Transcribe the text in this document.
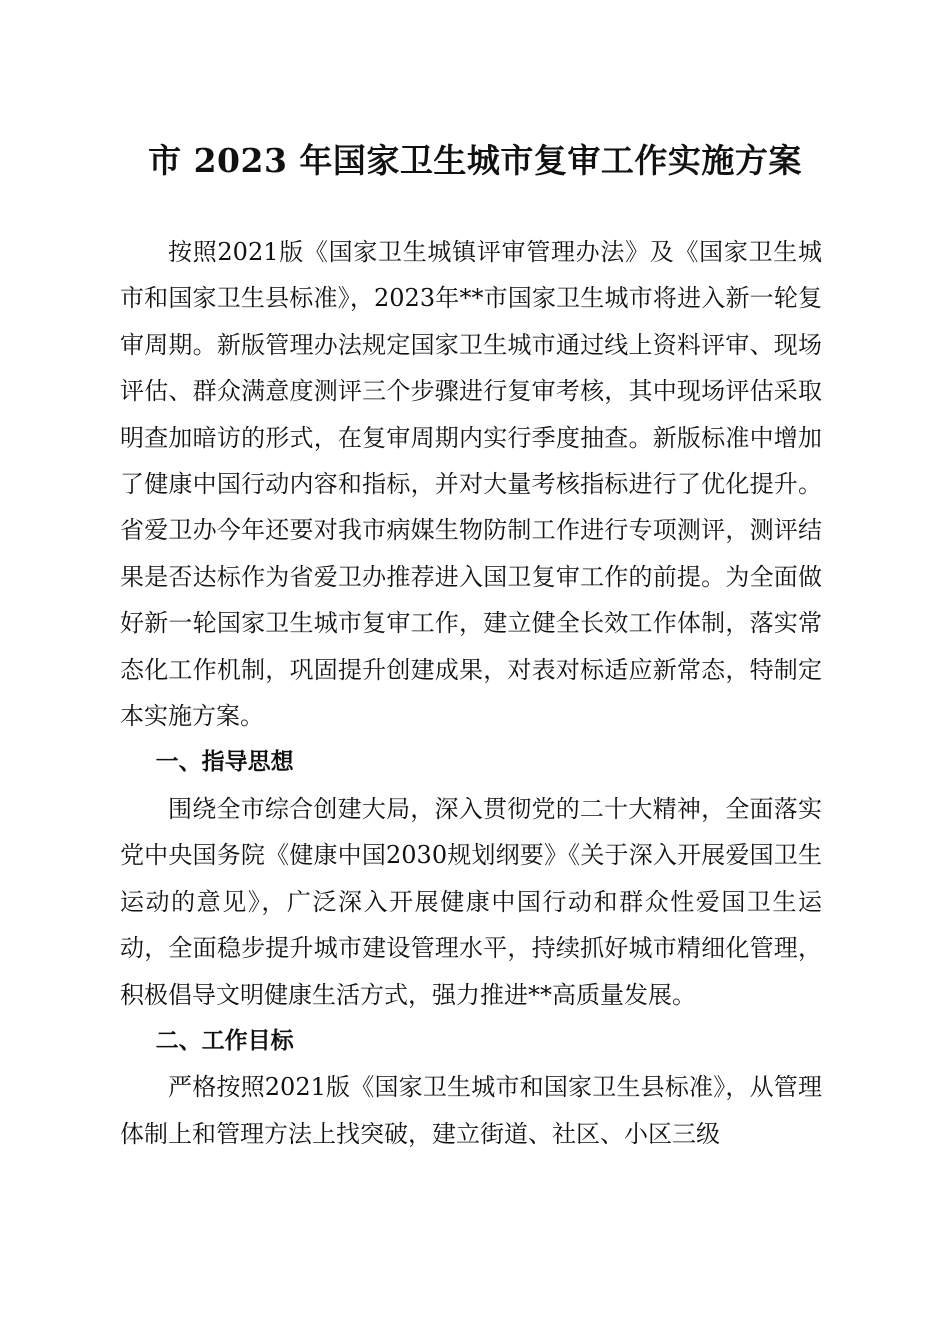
市 2023 年国家卫生城市复审工作实施方案

按照2021版《国家卫生城镇评审管理办法》及《国家卫生城市和国家卫生县标准》，2023年**市国家卫生城市将进入新一轮复审周期。新版管理办法规定国家卫生城市通过线上资料评审、现场评估、群众满意度测评三个步骤进行复审考核，其中现场评估采取明查加暗访的形式，在复审周期内实行季度抽查。新版标准中增加了健康中国行动内容和指标，并对大量考核指标进行了优化提升。省爱卫办今年还要对我市病媒生物防制工作进行专项测评，测评结果是否达标作为省爱卫办推荐进入国卫复审工作的前提。为全面做好新一轮国家卫生城市复审工作，建立健全长效工作体制，落实常态化工作机制，巩固提升创建成果，对表对标适应新常态，特制定本实施方案。

一、指导思想

围绕全市综合创建大局，深入贯彻党的二十大精神，全面落实党中央国务院《健康中国2030规划纲要》《关于深入开展爱国卫生运动的意见》，广泛深入开展健康中国行动和群众性爱国卫生运动，全面稳步提升城市建设管理水平，持续抓好城市精细化管理，积极倡导文明健康生活方式，强力推进**高质量发展。

二、工作目标

严格按照2021版《国家卫生城市和国家卫生县标准》，从管理体制上和管理方法上找突破，建立街道、社区、小区三级
